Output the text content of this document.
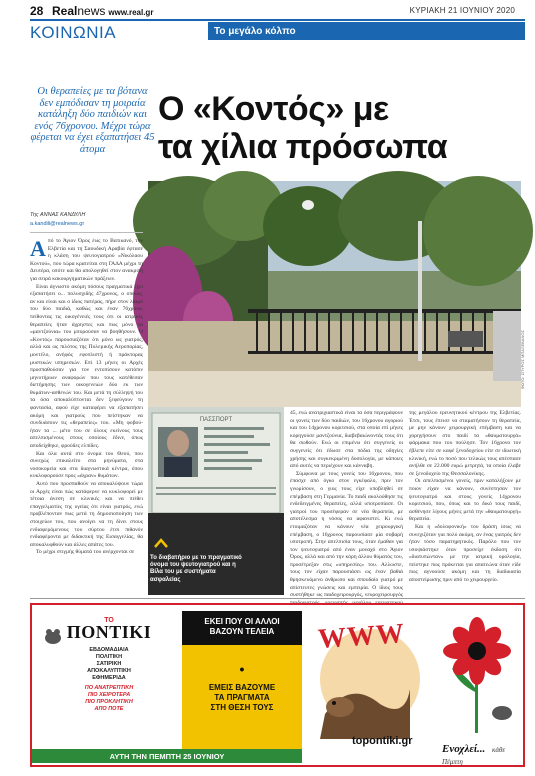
28 Realnews www.real.gr	ΚΥΡΙΑΚΗ 21 ΙΟΥΝΙΟΥ 2020
ΚΟΙΝΩΝΙΑ	Το μεγάλο κόλπο
Οι θεραπείες με τα βότανα δεν εμπόδισαν τη μοιραία κατάληξη δύο παιδιών και ενός 76χρονου. Μέχρι τώρα φέρεται να έχει εξαπατήσει 45 άτομα
Ο «Κοντός» με
τα χίλια πρόσωπα
ΦΩΤΟ: ΣΠΥΡΟΣ ΜΠΑΞΕΒΑΝΟΣ
ΠΑΣΣΠΟΡΤ
Το διαβατήριο με το πραγματικό όνομα του ψευτογιατρού και η Βίλα του με συστήματα ασφαλείας
Της ΑΝΝΑΣ ΚΑΝΔΥΛΗ
a.kandili@realnews.gr
Α πό το Άγιον Όρος έως το Βατικανό, την Ελβετία και τη Σαουδική Αραβία έφτασε η κλάση του ψευτογιατρού «Νικόλαου Κοντού», που τώρα κρατείται στη ΓΑΔΑ μέχρι τη Δευτέρα, οπότε και θα απολογηθεί στον ανακριτή για σειρά κακουργηματικών πράξεων.

Είναι άγνωστο ακόμη πόσους πραγματικά έχει εξαπατήσει ο... πολυσχιδής 47χρονος, ο οποίος, αν και είναι και ο ίδιος πατέρας, πήρε στον λαιμό του δύο παιδιά, καθώς και έναν 76χρονο, πείθοντας τις οικογένειές τους ότι οι ιατρικές θεραπείες ήταν άχρηστες και πως μόνο τα «μαντζούνια» του μπορούσαν να βοηθήσουν. Ο «Κοντός» παρουσιαζόταν ότι μόνο ως γιατρός, αλλά και ως πιλότος της Πολεμικής Αεροπορίας, μοντέλο, ανήφός εφοπλιστή ή πράκτορας μυστικών υπηρεσιών. Επί 13 μήνες οι Αρχές προσπαθούσαν για τον εντοπίσουν κατόπιν μηνυτήριων αναφορών που τους κατέθεσαν διετήρησης των οικογενειών δύο εκ των θυμάτων-ασθενών του. Και μετά τη σύλληψή του τα όσα αποκαλύπτονται δεν ξεφεύγουν τη φαντασία, αφού είχε καταφέρει να εξαπατήσει ακόμη και γιατρούς που πείστηκαν να συνδυάσουν τις «θεραπείες» του. «Μη φοβού-ήταν τα ... μέτο του σε όλους εκείνους τους απελπισμένους στους οποίους έδινε, όπως αποδείχθηκε, φρούδες ελπίδες.

Και όλα αυτά στο όνομα του Θεού, που συνεχώς επικαλείτο στα μηνύματα, στα νοσοκομεία και στα διαγνωστικά κέντρα, όπου κυκλοφορούσε προς «άγραν» θυμάτων.

Αυτό που προσπαθούν να αποκαλύψουν τώρα οι Αρχές είναι πώς κατάφερνε να κυκλοφορεί με τέτοια άνεση σε κλινικές και να πείθει επαγγελματίες της υγείας ότι είναι γιατρός, ενώ προβλέπονταν πως μετά τη δημοσιοποίηση των στοιχείων του, που ανοίγει να τη δίνει στους ενδιαφερόμενους του σύρτου έτσι πιθανόν ενδιαφέροντα με διδακτική της Εισαγγελίας, θα αποκαλυφθούν και άλλες απάτες του.

Το μέχρι στιγμής θύματά του ανέρχονται σε

45, ενώ ανατριχιαστικά είναι τα όσα περιγράφουν οι γονείς των δύο παιδιών, του 16χρονου αγοριού και του 14χρονου κοριτσιού, στα οποία επί μήνες κορηγούσε μαντζούνια, διαβεβαιώνοντάς τους ότι θα σωθούν. Ενώ οι επιμένω ότι συγγενείς οι συγγενείς ότι έδωσε στα πόδια της οδηγίες χρήσης και συγκεκριμένη δοσολογία, με κάποιες από αυτές να περιέχουν και κάνναβη.

Σύμφωνα με τους γονείς του 16χρονου, που έπασχε από όγκο στον εγκέφαλο, πριν τον γνωρίσουν, ο γιος τους είχε υποβληθεί σε επέμβαση στη Γερμανία. Το παιδί ακολούθησε τις ενδεδειγμένες θεραπείες, αλλά υποτροπίασε. Οι γιατροί του προσέφεραν σε νέα θεραπεία, με αποτέλεσμα η νόσος να αφανιστεί. Κι ενώ ετοιμαζόταν να κάνουν νέα χειρουργική επέμβαση, ο 16χρονος παρουσίασε μία σοβαρή υποτροπή. Στην απελπισία τους, όταν έμαθαν για τον ψευτογιατρό από έναν μοναχό στο Άγιον Όρος, αλλά και από την κόρη άλλου θύματός του, προσέτρεξαν στις «υπηρεσίες» του. Αλλωστε, τους τον είχαν παρουσιάσει ως έναν βαθιά θρησκευόμενο άνθρωπο και σπουδαίο γιατρό με απίστευτες γνώσεις και εμπειρία. Ο ίδιος τους συστήθηκε ως παιδοχειρουργός, νευροχειρουργός

της μεγάλου ερευνητικού κέντρου της Ελβετίας. Έτσι, τους έπεισε να σταματήσουν τη θεραπεία, με μην κάνουν χειρουργική επέμβαση και να χορηγήσουν στο παιδί τα «θαυματουργά» φάρμακα που του πούλησε. Τον 16χρονο τον έβλεπε είτε σε καφέ ξενοδοχείου είτε σε ιδιωτική κλινική, ενώ το ποσό που τελικώς τους απέσπασε ανήλθε σε 22.000 ευρώ μετρητά, τα οποία έλαβε σε ξενοδοχείο της Θεσσαλονίκης.

Οι απελπισμένοι γονείς, πριν καταλήξουν με ποιον είχαν να κάνουν, συνέστησαν τον ψευτογιατρό και στους γονείς 14χρονου κοριτσιού, που, όπως και το δικό τους παιδί, ασθένησε λίγους μήνες μετά την «θαυματουργή» θεραπεία.

Και η «δολοφονική» του δράση ίσως να συνεχιζόταν για πολύ ακόμη, αν ένας γιατρός δεν ήταν τόσο παρατηρητικός. Παρόλο που τον υποψιάστηκε όταν προσείχε έκδοση ότι «διατυπώνταν» με την ιατρική ορολογία, πείστηκε πως πρόκειται για απατεώνα όταν είδε πως αγνοούσε ακόμη και τη διαδικασία αποστείρωσης πριν από το χειρουργείο.

ΤΟ
ΠΟΝΤΙΚΙ
ΕΒΔΟΜΑΔΙΑΙΑ
ΠΟΛΙΤΙΚΗ
ΣΑΤΙΡΙΚΗ
ΑΠΟΚΑΛΥΠΤΙΚΗ
ΕΦΗΜΕΡΙΔΑ
ΠΟ ΑΝΑΤΡΕΠΤΙΚΗ
ΠΙΟ ΧΕΙΡΟΤΕΡΑ
ΠΙΟ ΠΡΟΚΛΗΤΙΚΗ
ΑΠΟ ΠΟΤΕ
ΕΚΕΙ ΠΟΥ ΟΙ ΑΛΛΟΙ
ΒΑΖΟΥΝ ΤΕΛΕΙΑ
•
ΕΜΕΙΣ ΒΑΖΟΥΜΕ
ΤΑ ΠΡΑΓΜΑΤΑ
ΣΤΗ ΘΕΣΗ ΤΟΥΣ
ΑΥΤΗ ΤΗΝ ΠΕΜΠΤΗ 25 ΙΟΥΝΙΟΥ
WWW
topontiki.gr
Ενοχλεί... κάθε Πέμπτη
